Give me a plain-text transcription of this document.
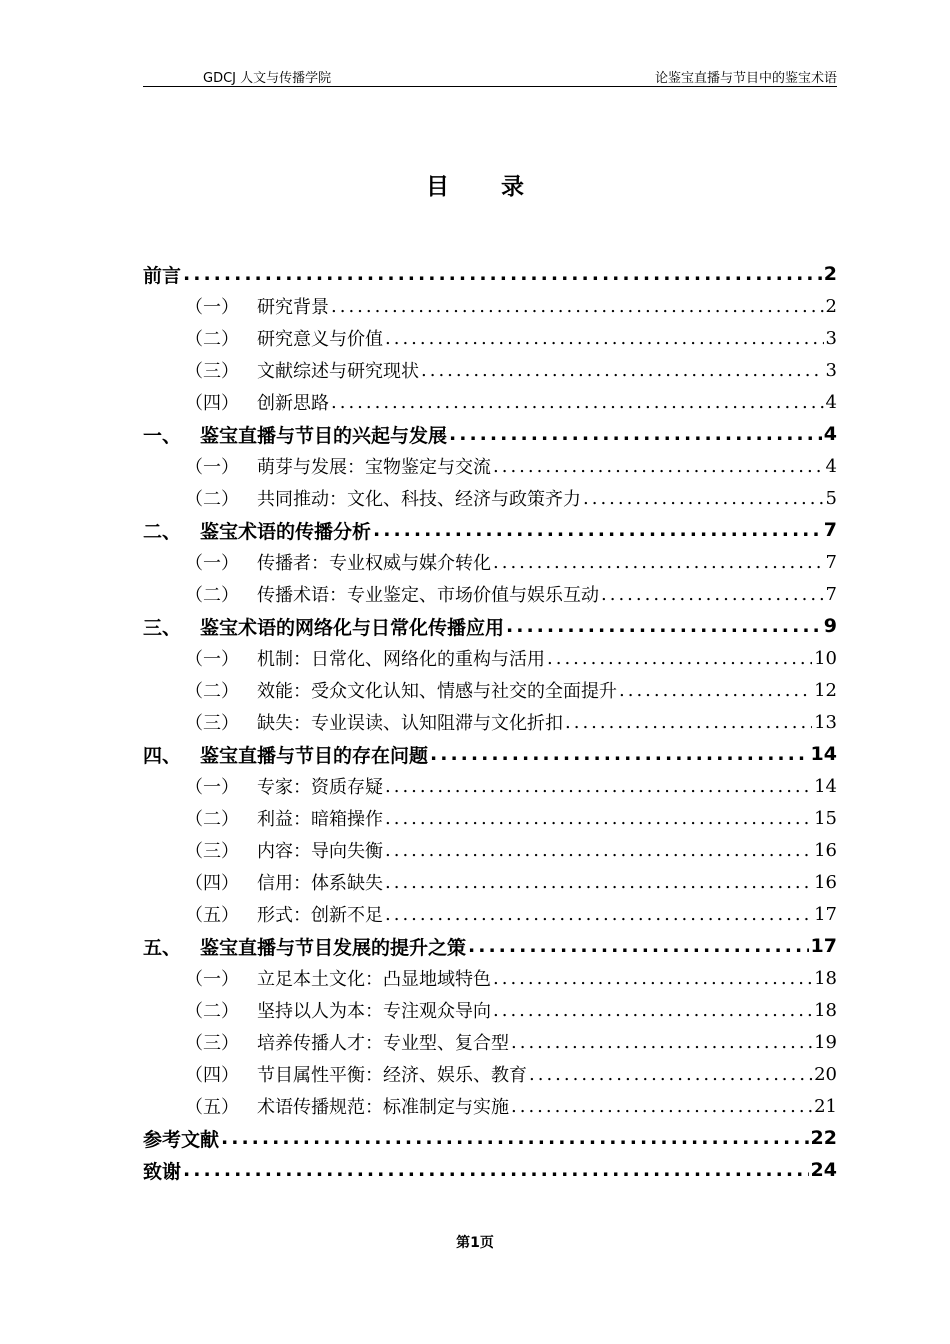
GDCJ 人文与传播学院	论鉴宝直播与节目中的鉴宝术语
目 录
前言 .....	2
（一）	研究背景 .....	2
（二）	研究意义与价值 .....	3
（三）	文献综述与研究现状 .....	3
（四）	创新思路 .....	4
一、 鉴宝直播与节目的兴起与发展 .....	4
（一）	萌芽与发展：宝物鉴定与交流 .....	4
（二）	共同推动：文化、科技、经济与政策齐力 .....	5
二、 鉴宝术语的传播分析 .....	7
（一）	传播者：专业权威与媒介转化 .....	7
（二）	传播术语：专业鉴定、市场价值与娱乐互动 .....	7
三、 鉴宝术语的网络化与日常化传播应用 .....	9
（一）	机制：日常化、网络化的重构与活用 .....	10
（二）	效能：受众文化认知、情感与社交的全面提升 .....	12
（三）	缺失：专业误读、认知阻滞与文化折扣 .....	13
四、 鉴宝直播与节目的存在问题 .....	14
（一）	专家：资质存疑 .....	14
（二）	利益：暗箱操作 .....	15
（三）	内容：导向失衡 .....	16
（四）	信用：体系缺失 .....	16
（五）	形式：创新不足 .....	17
五、 鉴宝直播与节目发展的提升之策 .....	17
（一）	立足本土文化：凸显地域特色 .....	18
（二）	坚持以人为本：专注观众导向 .....	18
（三）	培养传播人才：专业型、复合型 .....	19
（四）	节目属性平衡：经济、娱乐、教育 .....	20
（五）	术语传播规范：标准制定与实施 .....	21
参考文献 .....	22
致谢 .....	24
第1页
